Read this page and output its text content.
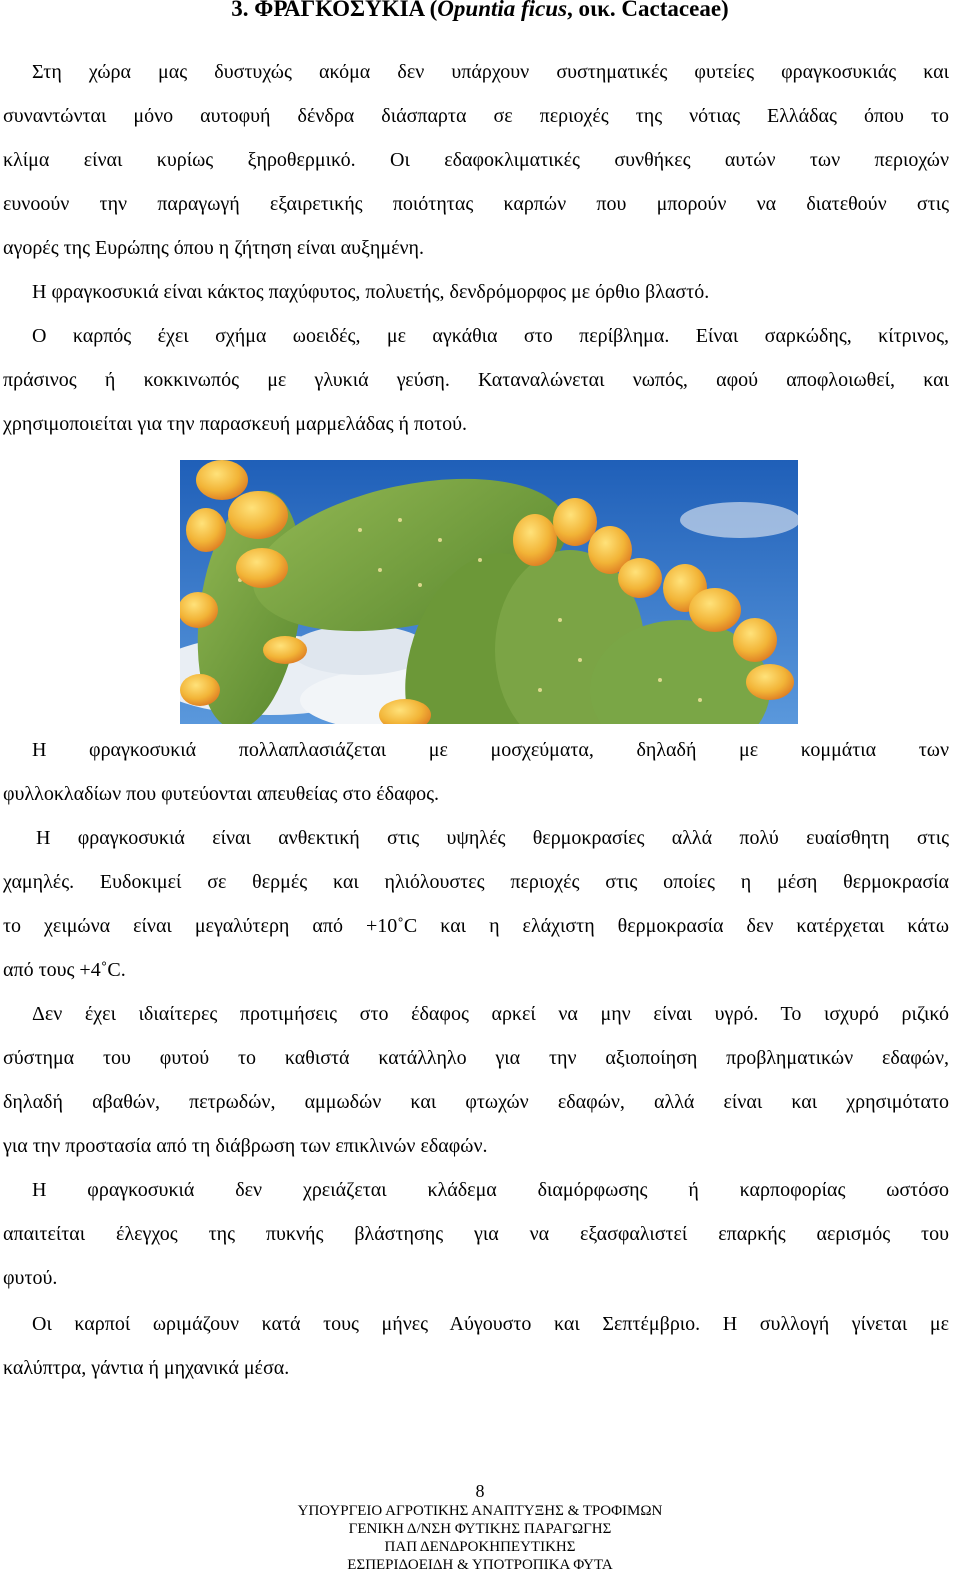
3. ΦΡΑΓΚΟΣΥΚΙΑ (Opuntia ficus, οικ. Cactaceae)
Στη χώρα μας δυστυχώς ακόμα δεν υπάρχουν συστηματικές φυτείες φραγκοσυκιάς και
συναντώνται μόνο αυτοφυή δένδρα διάσπαρτα σε περιοχές της νότιας Ελλάδας όπου το
κλίμα είναι κυρίως ξηροθερμικό. Οι εδαφοκλιματικές συνθήκες αυτών των περιοχών
ευνοούν την παραγωγή εξαιρετικής ποιότητας καρπών που μπορούν να διατεθούν στις
αγορές της Ευρώπης όπου η ζήτηση είναι αυξημένη.
Η φραγκοσυκιά είναι κάκτος παχύφυτος, πολυετής, δενδρόμορφος με όρθιο βλαστό.
Ο καρπός έχει σχήμα ωοειδές, με αγκάθια στο περίβλημα. Είναι σαρκώδης, κίτρινος,
πράσινος ή κοκκινωπός με γλυκιά γεύση. Καταναλώνεται νωπός, αφού αποφλοιωθεί, και
χρησιμοποιείται για την παρασκευή μαρμελάδας ή ποτού.
Η φραγκοσυκιά πολλαπλασιάζεται με μοσχεύματα, δηλαδή με κομμάτια των
φυλλοκλαδίων που φυτεύονται απευθείας στο έδαφος.
Η φραγκοσυκιά είναι ανθεκτική στις υψηλές θερμοκρασίες αλλά πολύ ευαίσθητη στις
χαμηλές. Ευδοκιμεί σε θερμές και ηλιόλουστες περιοχές στις οποίες η μέση θερμοκρασία
το χειμώνα είναι μεγαλύτερη από +10˚C και η ελάχιστη θερμοκρασία δεν κατέρχεται κάτω
από τους +4˚C.
Δεν έχει ιδιαίτερες προτιμήσεις στο έδαφος αρκεί να μην είναι υγρό. Το ισχυρό ριζικό
σύστημα του φυτού το καθιστά κατάλληλο για την αξιοποίηση προβληματικών εδαφών,
δηλαδή αβαθών, πετρωδών, αμμωδών και φτωχών εδαφών, αλλά είναι και χρησιμότατο
για την προστασία από τη διάβρωση των επικλινών εδαφών.
Η φραγκοσυκιά δεν χρειάζεται κλάδεμα διαμόρφωσης ή καρποφορίας ωστόσο
απαιτείται έλεγχος της πυκνής βλάστησης για να εξασφαλιστεί επαρκής αερισμός του
φυτού.
Οι καρποί ωριμάζουν κατά τους μήνες Αύγουστο και Σεπτέμβριο. Η συλλογή γίνεται με
καλύπτρα, γάντια ή μηχανικά μέσα.
8
ΥΠΟΥΡΓΕΙΟ ΑΓΡΟΤΙΚΗΣ ΑΝΑΠΤΥΞΗΣ & ΤΡΟΦΙΜΩΝ
ΓΕΝΙΚΗ Δ/ΝΣΗ ΦΥΤΙΚΗΣ ΠΑΡΑΓΩΓΗΣ
ΠΑΠ ΔΕΝΔΡΟΚΗΠΕΥΤΙΚΗΣ
ΕΣΠΕΡΙΔΟΕΙΔΗ & ΥΠΟΤΡΟΠΙΚΑ ΦΥΤΑ
